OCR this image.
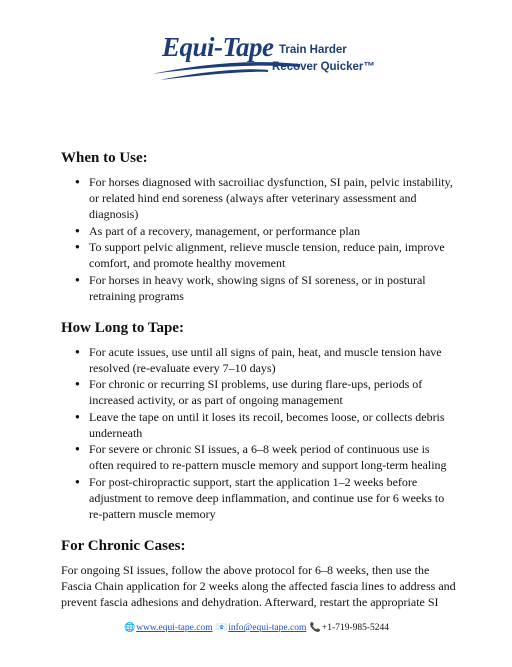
Equi-Tape Train Harder
Recover Quicker™
When to Use:
● For horses diagnosed with sacroiliac dysfunction, SI pain, pelvic instability, or related hind end soreness (always after veterinary assessment and diagnosis)
● As part of a recovery, management, or performance plan
● To support pelvic alignment, relieve muscle tension, reduce pain, improve comfort, and promote healthy movement
● For horses in heavy work, showing signs of SI soreness, or in postural retraining programs
How Long to Tape:
● For acute issues, use until all signs of pain, heat, and muscle tension have resolved (re-evaluate every 7–10 days)
● For chronic or recurring SI problems, use during flare-ups, periods of increased activity, or as part of ongoing management
● Leave the tape on until it loses its recoil, becomes loose, or collects debris underneath
● For severe or chronic SI issues, a 6–8 week period of continuous use is often required to re-pattern muscle memory and support long-term healing
● For post-chiropractic support, start the application 1–2 weeks before adjustment to remove deep inflammation, and continue use for 6 weeks to re-pattern muscle memory
For Chronic Cases:

For ongoing SI issues, follow the above protocol for 6–8 weeks, then use the Fascia Chain application for 2 weeks along the affected fascia lines to address and prevent fascia adhesions and dehydration. Afterward, restart the appropriate SI

🌐www.equi-tape.com 📧info@equi-tape.com 📞+1-719-985-5244
